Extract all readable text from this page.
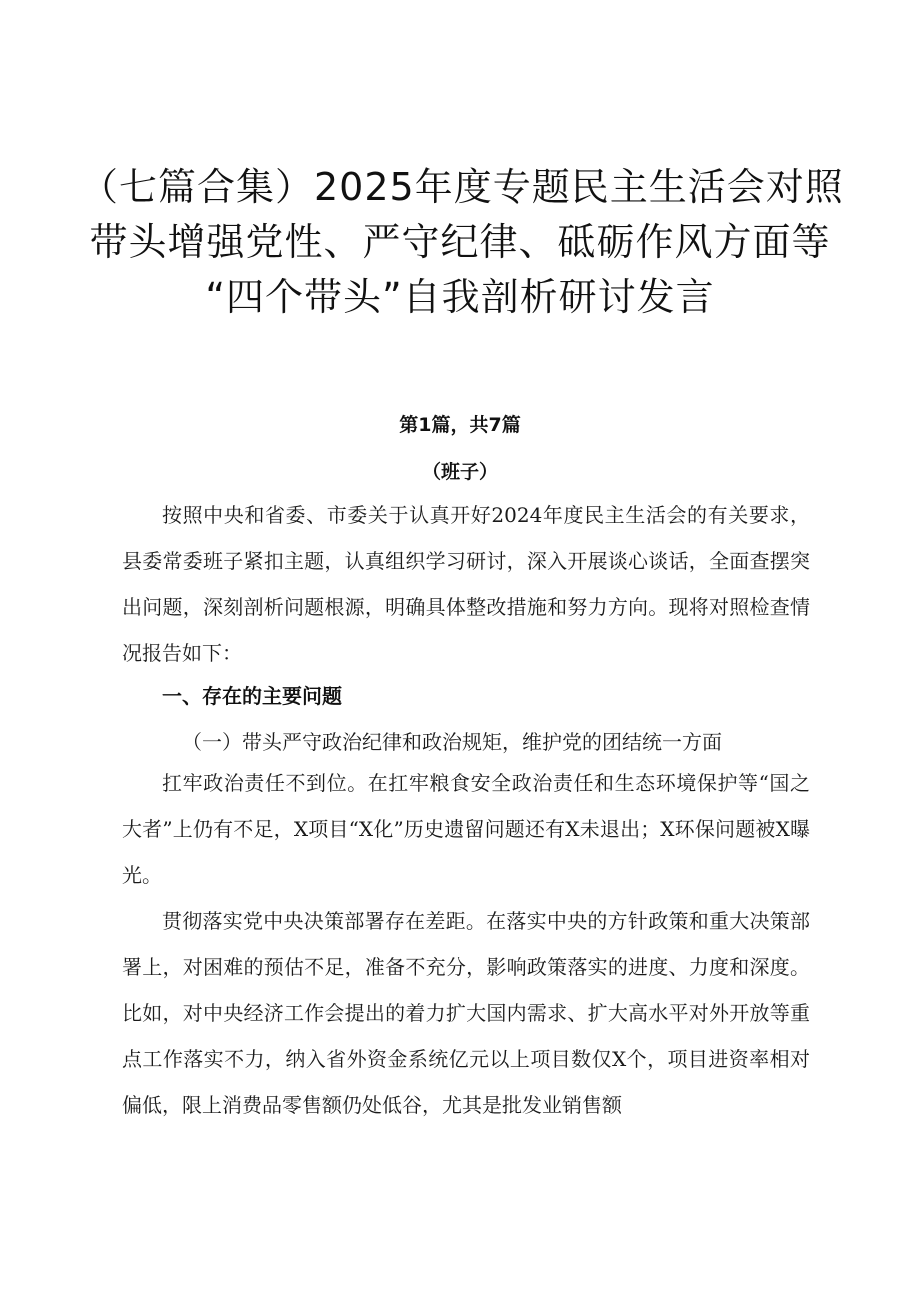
（七篇合集）2025年度专题民主生活会对照
带头增强党性、严守纪律、砥砺作风方面等
“四个带头”自我剖析研讨发言
第1篇，共7篇
（班子）

按照中央和省委、市委关于认真开好2024年度民主生活会的有关要求，县委常委班子紧扣主题，认真组织学习研讨，深入开展谈心谈话，全面查摆突出问题，深刻剖析问题根源，明确具体整改措施和努力方向。现将对照检查情况报告如下：

一、存在的主要问题
（一）带头严守政治纪律和政治规矩，维护党的团结统一方面

扛牢政治责任不到位。在扛牢粮食安全政治责任和生态环境保护等“国之大者”上仍有不足，X项目“X化”历史遗留问题还有X未退出；X环保问题被X曝光。

贯彻落实党中央决策部署存在差距。在落实中央的方针政策和重大决策部署上，对困难的预估不足，准备不充分，影响政策落实的进度、力度和深度。比如，对中央经济工作会提出的着力扩大国内需求、扩大高水平对外开放等重点工作落实不力，纳入省外资金系统亿元以上项目数仅X个，项目进资率相对偏低，限上消费品零售额仍处低谷，尤其是批发业销售额
